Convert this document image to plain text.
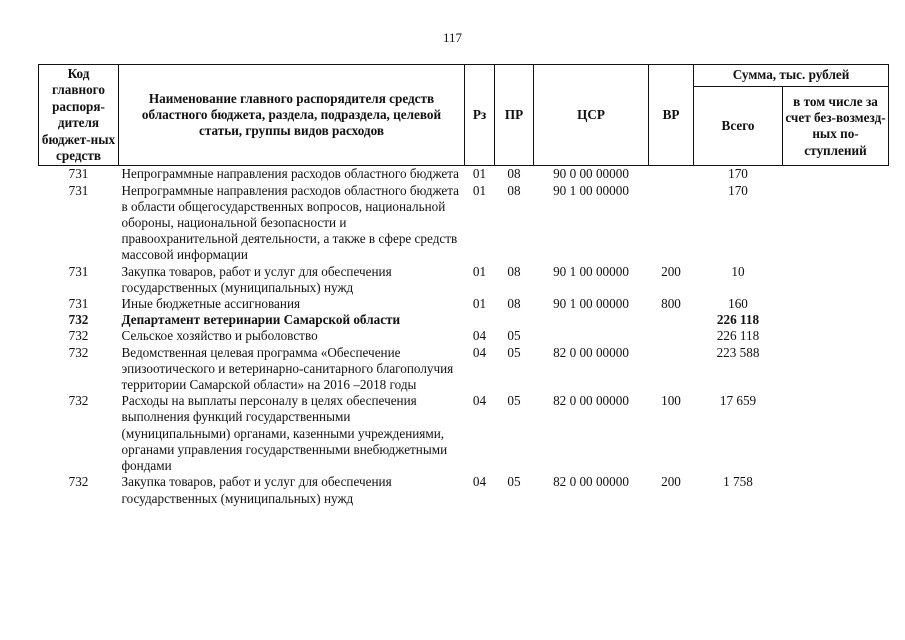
117
Код главного распоря-дителя бюджет-ных средств	Наименование главного распорядителя средств областного бюджета, раздела, подраздела, целевой статьи, группы видов расходов	Рз	ПР	ЦСР	ВР	Сумма, тыс. рублей	
						Всего	в том числе за счет без-возмезд-ных по-ступлений
731	Непрограммные направления расходов областного бюджета	01	08	90 0 00 00000		170	
731	Непрограммные направления расходов областного бюджета в области общегосударственных вопросов, национальной обороны, национальной безопасности и правоохранительной деятельности, а также в сфере средств массовой информации	01	08	90 1 00 00000		170	
731	Закупка товаров, работ и услуг для обеспечения государственных (муниципальных) нужд	01	08	90 1 00 00000	200	10	
731	Иные бюджетные ассигнования	01	08	90 1 00 00000	800	160	
732	Департамент ветеринарии Самарской области					226 118	
732	Сельское хозяйство и рыболовство	04	05			226 118	
732	Ведомственная целевая программа «Обеспечение эпизоотического и ветеринарно-санитарного благополучия территории Самарской области» на 2016 –2018 годы	04	05	82 0 00 00000		223 588	
732	Расходы на выплаты персоналу в целях обеспечения выполнения функций государственными (муниципальными) органами, казенными учреждениями, органами управления государственными внебюджетными фондами	04	05	82 0 00 00000	100	17 659	
732	Закупка товаров, работ и услуг для обеспечения государственных (муниципальных) нужд	04	05	82 0 00 00000	200	1 758	
